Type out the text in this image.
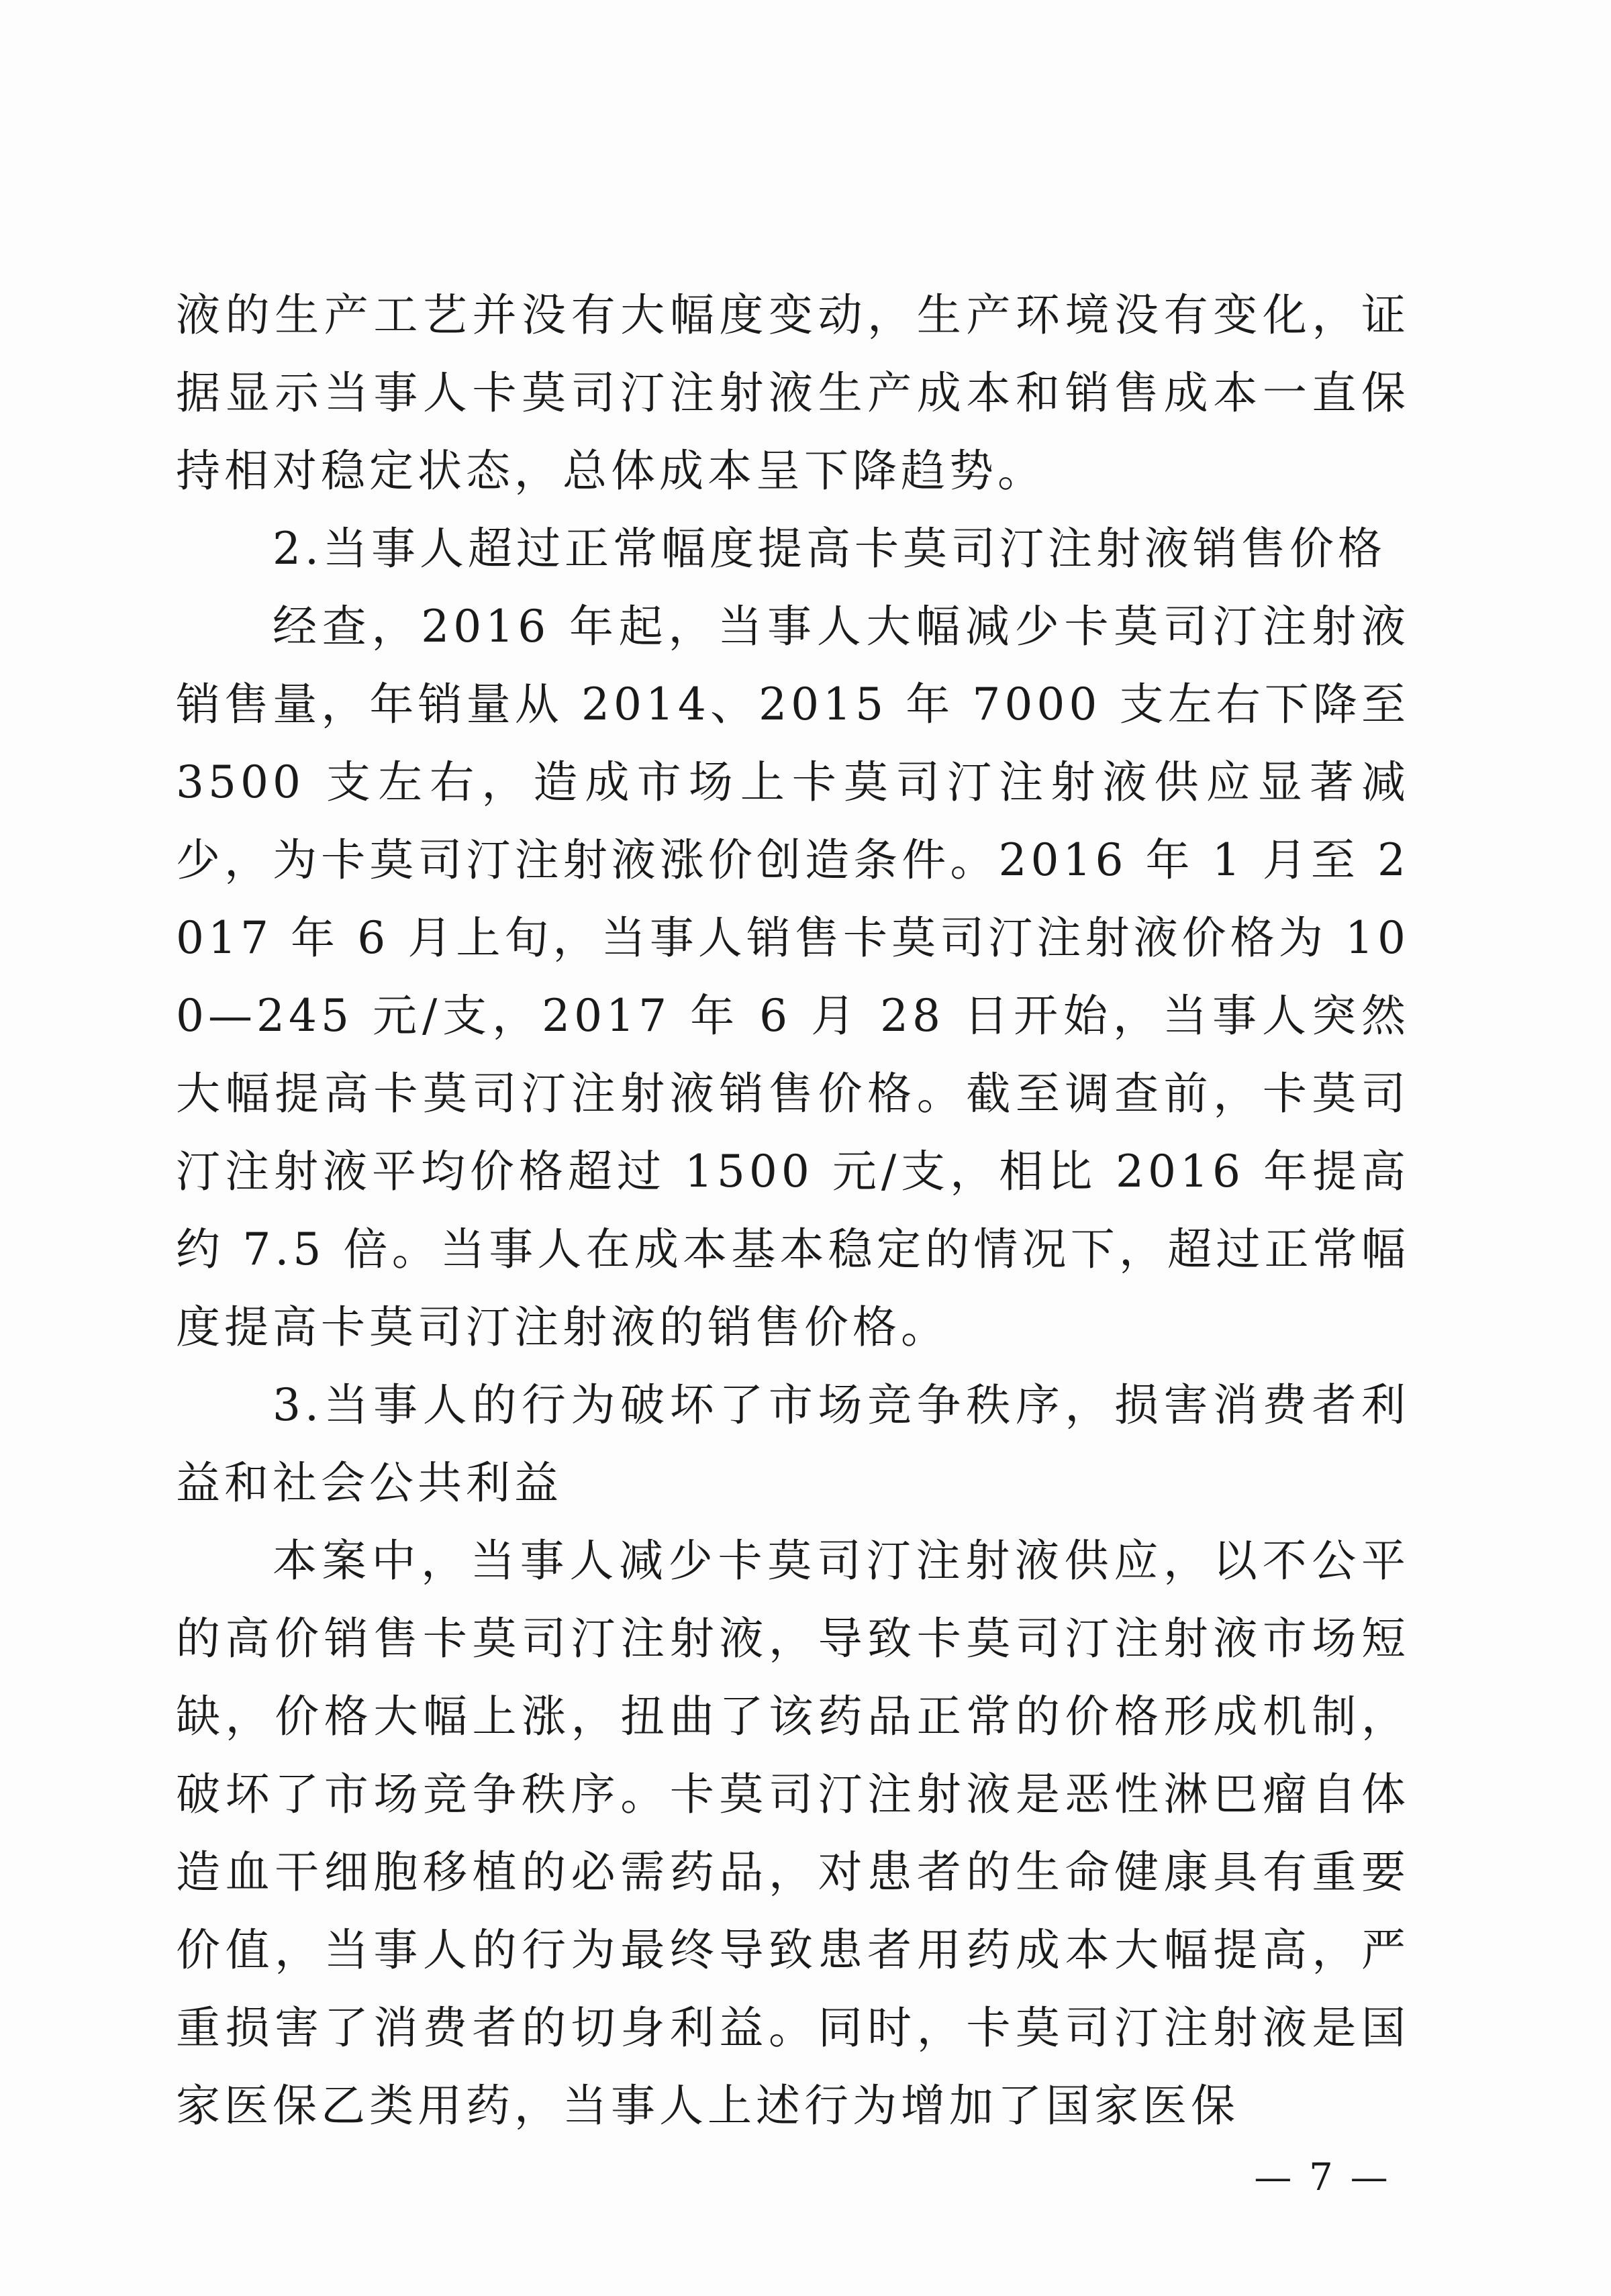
液的生产工艺并没有大幅度变动，生产环境没有变化，证据显示当事人卡莫司汀注射液生产成本和销售成本一直保持相对稳定状态，总体成本呈下降趋势。

2.当事人超过正常幅度提高卡莫司汀注射液销售价格

经查，2016 年起，当事人大幅减少卡莫司汀注射液销售量，年销量从 2014、2015 年 7000 支左右下降至 3500 支左右，造成市场上卡莫司汀注射液供应显著减少，为卡莫司汀注射液涨价创造条件。2016 年 1 月至 2017 年 6 月上旬，当事人销售卡莫司汀注射液价格为 100—245 元/支，2017 年 6 月 28 日开始，当事人突然大幅提高卡莫司汀注射液销售价格。截至调查前，卡莫司汀注射液平均价格超过 1500 元/支，相比 2016 年提高约 7.5 倍。当事人在成本基本稳定的情况下，超过正常幅度提高卡莫司汀注射液的销售价格。

3.当事人的行为破坏了市场竞争秩序，损害消费者利益和社会公共利益

本案中，当事人减少卡莫司汀注射液供应，以不公平的高价销售卡莫司汀注射液，导致卡莫司汀注射液市场短缺，价格大幅上涨，扭曲了该药品正常的价格形成机制，破坏了市场竞争秩序。卡莫司汀注射液是恶性淋巴瘤自体造血干细胞移植的必需药品，对患者的生命健康具有重要价值，当事人的行为最终导致患者用药成本大幅提高，严重损害了消费者的切身利益。同时，卡莫司汀注射液是国家医保乙类用药，当事人上述行为增加了国家医保

— 7 —
